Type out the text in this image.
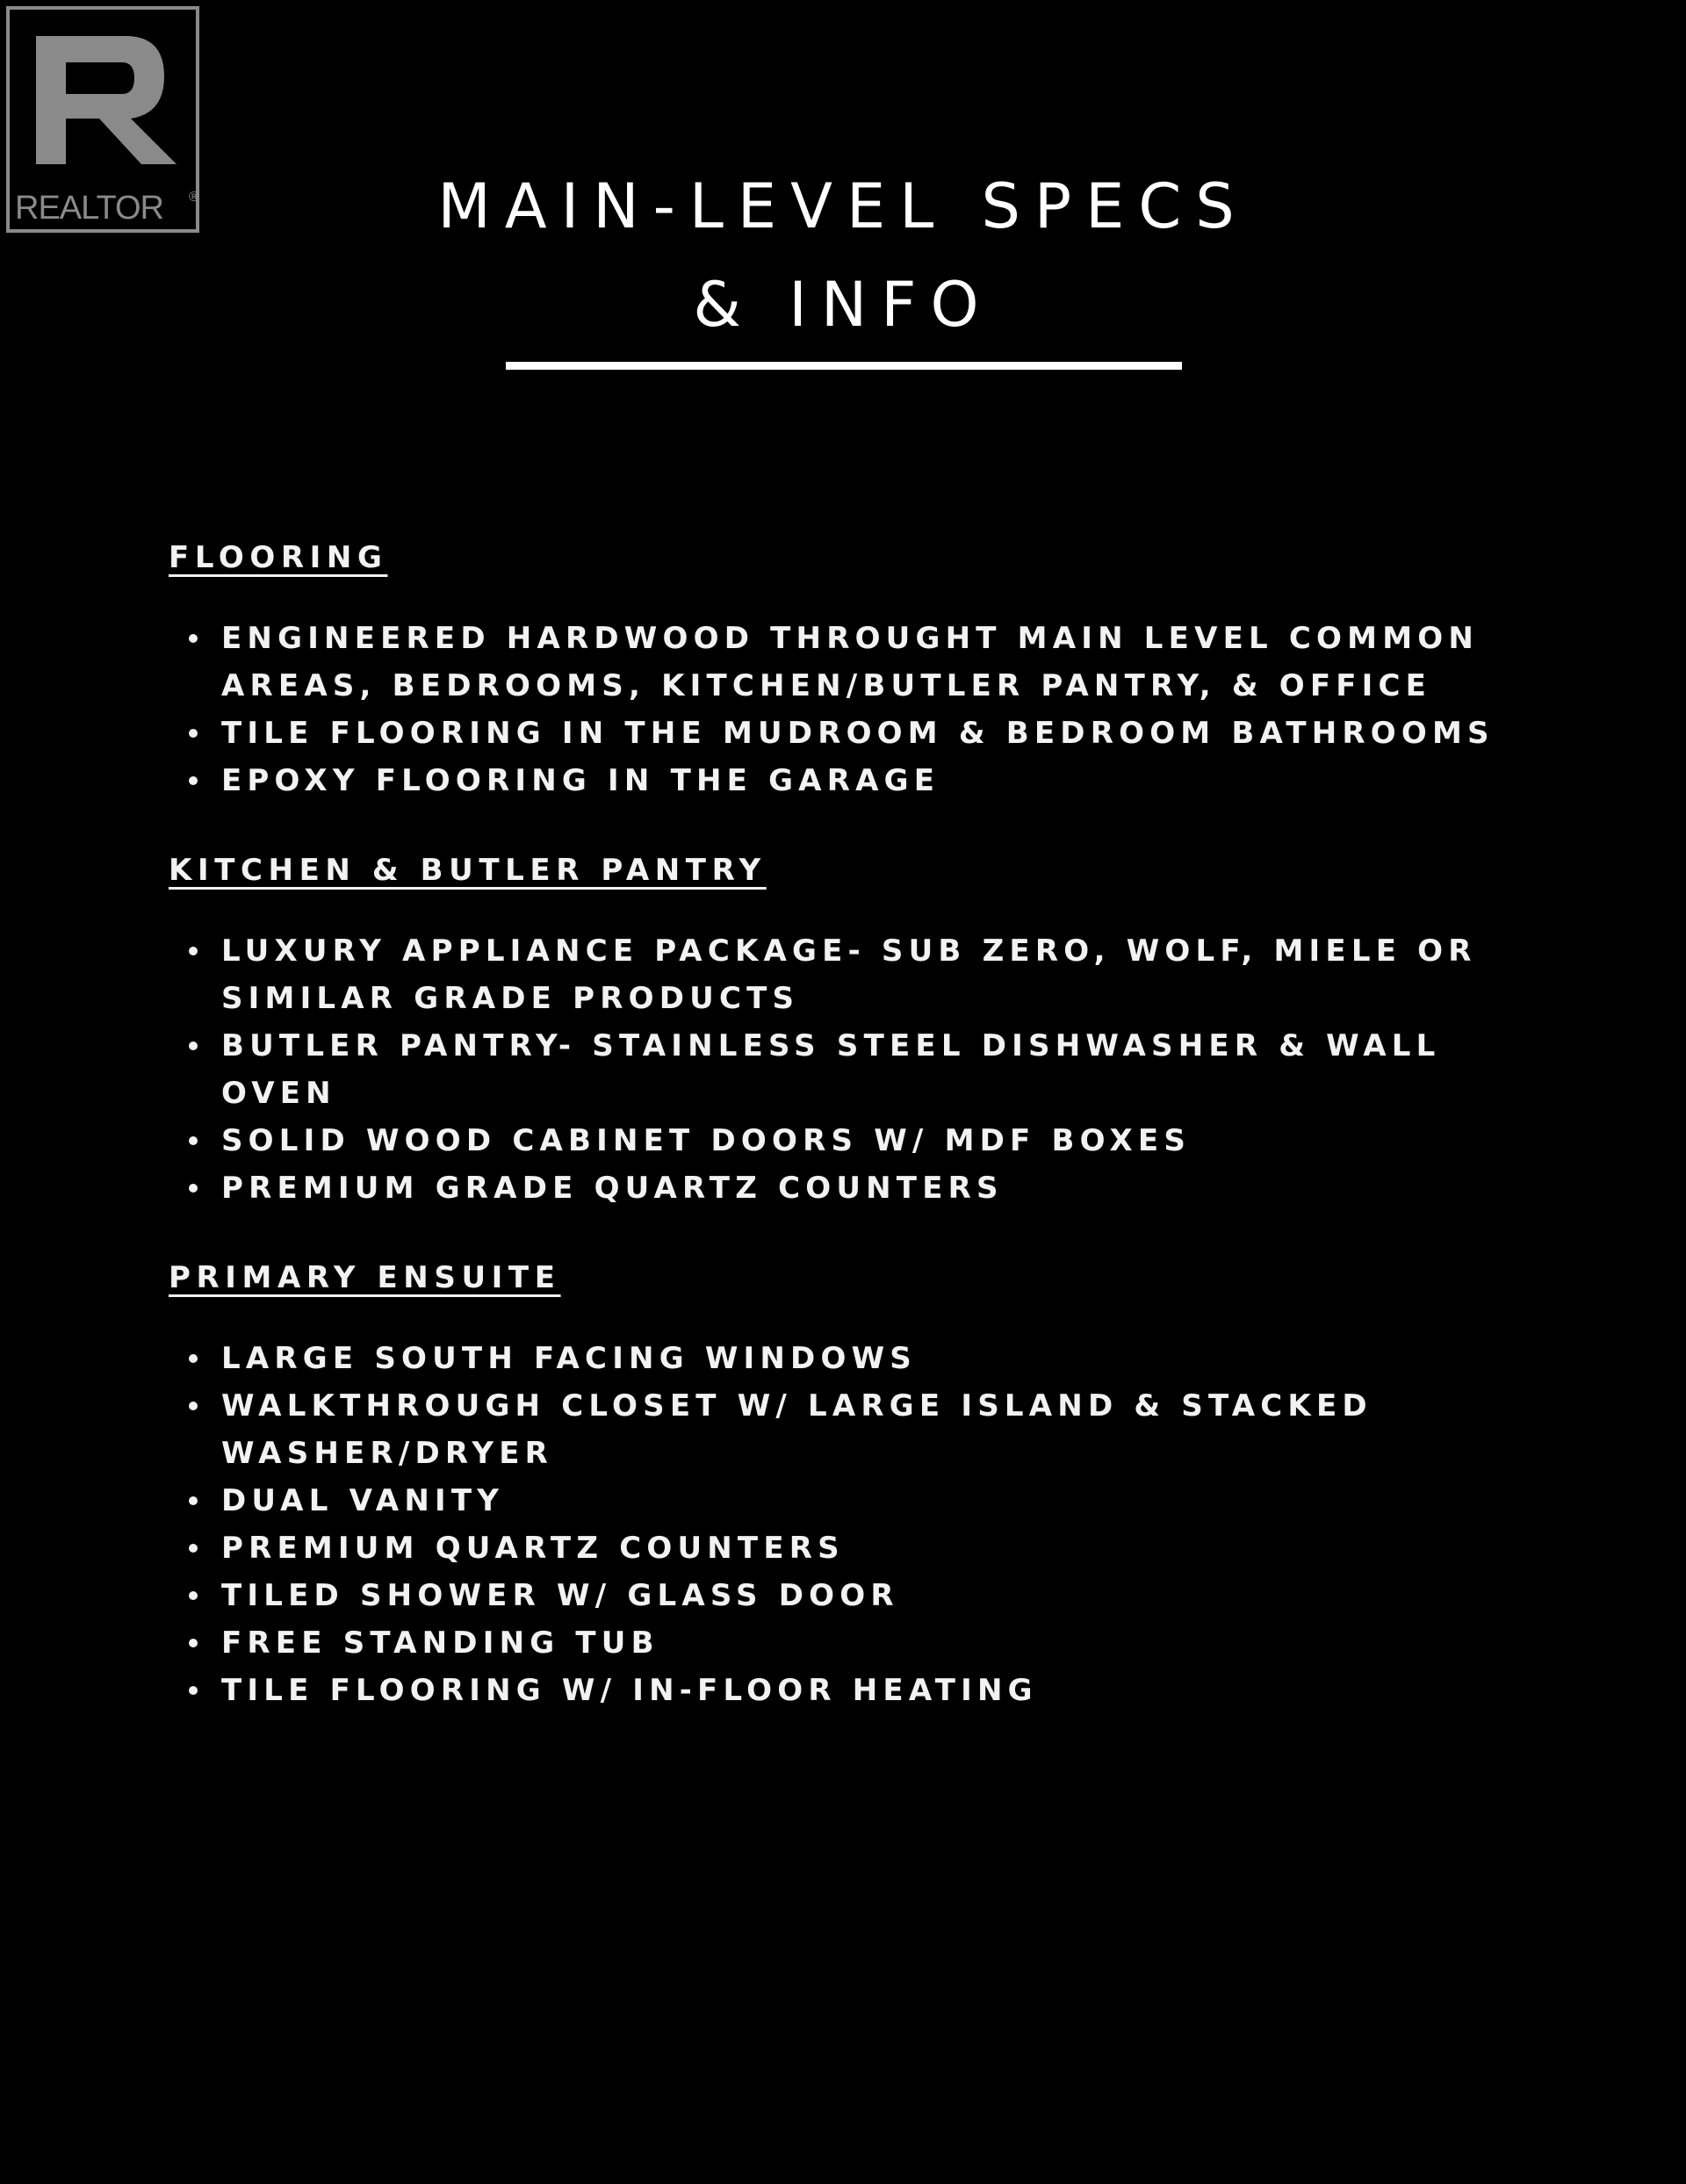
REALTOR ®	MAIN-LEVEL SPECS
& INFO
FLOORING
ENGINEERED HARDWOOD THROUGHT MAIN LEVEL COMMON
AREAS, BEDROOMS, KITCHEN/BUTLER PANTRY, & OFFICE
TILE FLOORING IN THE MUDROOM & BEDROOM BATHROOMS
EPOXY FLOORING IN THE GARAGE
KITCHEN & BUTLER PANTRY
LUXURY APPLIANCE PACKAGE- SUB ZERO, WOLF, MIELE OR
SIMILAR GRADE PRODUCTS
BUTLER PANTRY- STAINLESS STEEL DISHWASHER & WALL
OVEN
SOLID WOOD CABINET DOORS W/ MDF BOXES
PREMIUM GRADE QUARTZ COUNTERS
PRIMARY ENSUITE
LARGE SOUTH FACING WINDOWS
WALKTHROUGH CLOSET W/ LARGE ISLAND & STACKED
WASHER/DRYER
DUAL VANITY
PREMIUM QUARTZ COUNTERS
TILED SHOWER W/ GLASS DOOR
FREE STANDING TUB
TILE FLOORING W/ IN-FLOOR HEATING
